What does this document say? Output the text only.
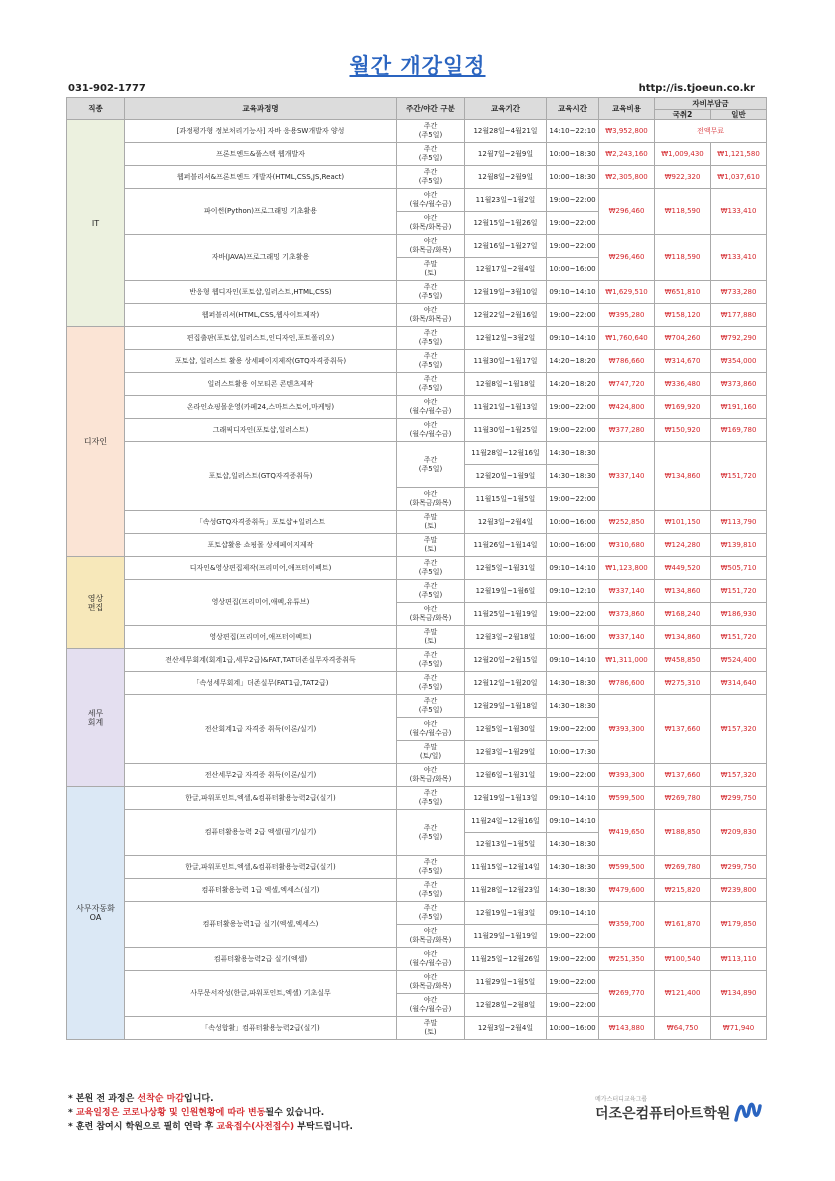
월간 개강일정
031-902-1777	http://is.tjoeun.co.kr
직종	교육과정명	주간/야간 구분	교육기간	교육시간	교육비용	자비부담금	
						국취2	일반
IT	[과정평가형 정보처리기능사] 자바 응용SW개발자 양성	주간
(주5일)	12월28일~4월21일	14:10~22:10	₩3,952,800	전액무료	
	프론트엔드&풀스택 웹개발자	주간
(주5일)	12월7일~2월9일	10:00~18:30	₩2,243,160	₩1,009,430	₩1,121,580
	웹퍼블리셔&프론트엔드 개발자(HTML,CSS,JS,React)	주간
(주5일)	12월8일~2월9일	10:00~18:30	₩2,305,800	₩922,320	₩1,037,610
	파이썬(Python)프로그래밍 기초활용	야간
(월수/월수금)	11월23일~1월2일	19:00~22:00	₩296,460	₩118,590	₩133,410
		야간
(화목/화목금)	12월15일~1월26일	19:00~22:00			
	자바(JAVA)프로그래밍 기초활용	야간
(화목금/화목)	12월16일~1월27일	19:00~22:00	₩296,460	₩118,590	₩133,410
		주말
(토)	12월17일~2월4일	10:00~16:00			
	반응형 웹디자인(포토샵,일러스트,HTML,CSS)	주간
(주5일)	12월19일~3월10일	09:10~14:10	₩1,629,510	₩651,810	₩733,280
	웹퍼블리셔(HTML,CSS,웹사이트제작)	야간
(화목/화목금)	12월22일~2월16일	19:00~22:00	₩395,280	₩158,120	₩177,880
디자인	편집출판(포토샵,일러스트,인디자인,포트폴리오)	주간
(주5일)	12월12일~3월2일	09:10~14:10	₩1,760,640	₩704,260	₩792,290
	포토샵, 일러스트 활용 상세페이지제작(GTQ자격증취득)	주간
(주5일)	11월30일~1월17일	14:20~18:20	₩786,660	₩314,670	₩354,000
	일러스트활용 이모티콘 콘텐츠제작	주간
(주5일)	12월8일~1월18일	14:20~18:20	₩747,720	₩336,480	₩373,860
	온라인쇼핑몰운영(카페24,스마트스토어,마케팅)	야간
(월수/월수금)	11월21일~1월13일	19:00~22:00	₩424,800	₩169,920	₩191,160
	그래픽디자인(포토샵,일러스트)	야간
(월수/월수금)	11월30일~1월25일	19:00~22:00	₩377,280	₩150,920	₩169,780
	포토샵,일러스트(GTQ자격증취득)	주간
(주5일)	11월28일~12월16일	14:30~18:30	₩337,140	₩134,860	₩151,720
			12월20일~1월9일	14:30~18:30			
		야간
(화목금/화목)	11월15일~1월5일	19:00~22:00			
	「속성GTQ자격증취득」포토샵+일러스트	주말
(토)	12월3일~2월4일	10:00~16:00	₩252,850	₩101,150	₩113,790
	포토샵활용 쇼핑몰 상세페이지제작	주말
(토)	11월26일~1월14일	10:00~16:00	₩310,680	₩124,280	₩139,810
영상
편집	디자인&영상편집제작(프리미어,애프터이펙트)	주간
(주5일)	12월5일~1월31일	09:10~14:10	₩1,123,800	₩449,520	₩505,710
	영상편집(프리미어,애펙,유튜브)	주간
(주5일)	12월19일~1월6일	09:10~12:10	₩337,140	₩134,860	₩151,720
		야간
(화목금/화목)	11월25일~1월19일	19:00~22:00	₩373,860	₩168,240	₩186,930
	영상편집(프리미어,애프터이펙트)	주말
(토)	12월3일~2월18일	10:00~16:00	₩337,140	₩134,860	₩151,720
세무
회계	전산세무회계(회계1급,세무2급)&FAT,TAT더존실무자격증취득	주간
(주5일)	12월20일~2월15일	09:10~14:10	₩1,311,000	₩458,850	₩524,400
	「속성세무회계」더존실무(FAT1급,TAT2급)	주간
(주5일)	12월12일~1월20일	14:30~18:30	₩786,600	₩275,310	₩314,640
	전산회계1급 자격증 취득(이론/실기)	주간
(주5일)	12월29일~1월18일	14:30~18:30	₩393,300	₩137,660	₩157,320
		야간
(월수/월수금)	12월5일~1월30일	19:00~22:00			
		주말
(토/일)	12월3일~1월29일	10:00~17:30			
	전산세무2급 자격증 취득(이론/실기)	야간
(화목금/화목)	12월6일~1월31일	19:00~22:00	₩393,300	₩137,660	₩157,320
사무자동화
OA	한글,파워포인트,엑셀,&컴퓨터활용능력2급(실기)	주간
(주5일)	12월19일~1월13일	09:10~14:10	₩599,500	₩269,780	₩299,750
	컴퓨터활용능력 2급 엑셀(필기/실기)	주간
(주5일)	11월24일~12월16일	09:10~14:10	₩419,650	₩188,850	₩209,830
			12월13일~1월5일	14:30~18:30			
	한글,파워포인트,엑셀,&컴퓨터활용능력2급(실기)	주간
(주5일)	11월15일~12월14일	14:30~18:30	₩599,500	₩269,780	₩299,750
	컴퓨터활용능력 1급 엑셀,엑세스(실기)	주간
(주5일)	11월28일~12월23일	14:30~18:30	₩479,600	₩215,820	₩239,800
	컴퓨터활용능력1급 실기(엑셀,엑세스)	주간
(주5일)	12월19일~1월3일	09:10~14:10	₩359,700	₩161,870	₩179,850
		야간
(화목금/화목)	11월29일~1월19일	19:00~22:00			
	컴퓨터활용능력2급 실기(엑셀)	야간
(월수/월수금)	11월25일~12월26일	19:00~22:00	₩251,350	₩100,540	₩113,110
	사무문서작성(한글,파워포인트,엑셀) 기초실무	야간
(화목금/화목)	11월29일~1월5일	19:00~22:00	₩269,770	₩121,400	₩134,890
		야간
(월수/월수금)	12월28일~2월8일	19:00~22:00			
	「속성합활」컴퓨터활용능력2급(실기)	주말
(토)	12월3일~2월4일	10:00~16:00	₩143,880	₩64,750	₩71,940
* 본원 전 과정은 선착순 마감입니다.
* 교육일정은 코로나상황 및 인원현황에 따라 변동될수 있습니다.
* 훈련 참여시 학원으로 필히 연락 후 교육접수(사전접수) 부탁드립니다.
메가스터디교육그룹
더조은컴퓨터아트학원
